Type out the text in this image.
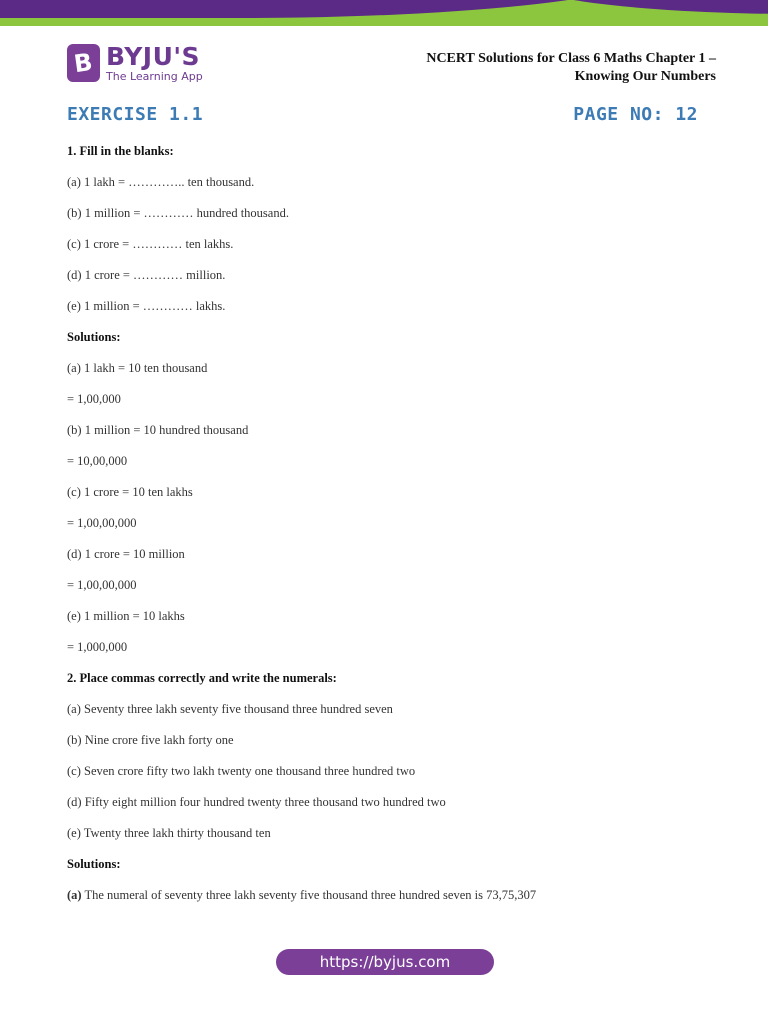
B BYJU'S
The Learning App
NCERT Solutions for Class 6 Maths Chapter 1 –
Knowing Our Numbers
EXERCISE 1.1	PAGE NO: 12
1. Fill in the blanks:
(a) 1 lakh = ………….. ten thousand.
(b) 1 million = ………… hundred thousand.
(c) 1 crore = ………… ten lakhs.
(d) 1 crore = ………… million.
(e) 1 million = ………… lakhs.
Solutions:
(a) 1 lakh = 10 ten thousand
= 1,00,000
(b) 1 million = 10 hundred thousand
= 10,00,000
(c) 1 crore = 10 ten lakhs
= 1,00,00,000
(d) 1 crore = 10 million
= 1,00,00,000
(e) 1 million = 10 lakhs
= 1,000,000
2. Place commas correctly and write the numerals:
(a) Seventy three lakh seventy five thousand three hundred seven
(b) Nine crore five lakh forty one
(c) Seven crore fifty two lakh twenty one thousand three hundred two
(d) Fifty eight million four hundred twenty three thousand two hundred two
(e) Twenty three lakh thirty thousand ten
Solutions:
(a) The numeral of seventy three lakh seventy five thousand three hundred seven is 73,75,307
https://byjus.com
